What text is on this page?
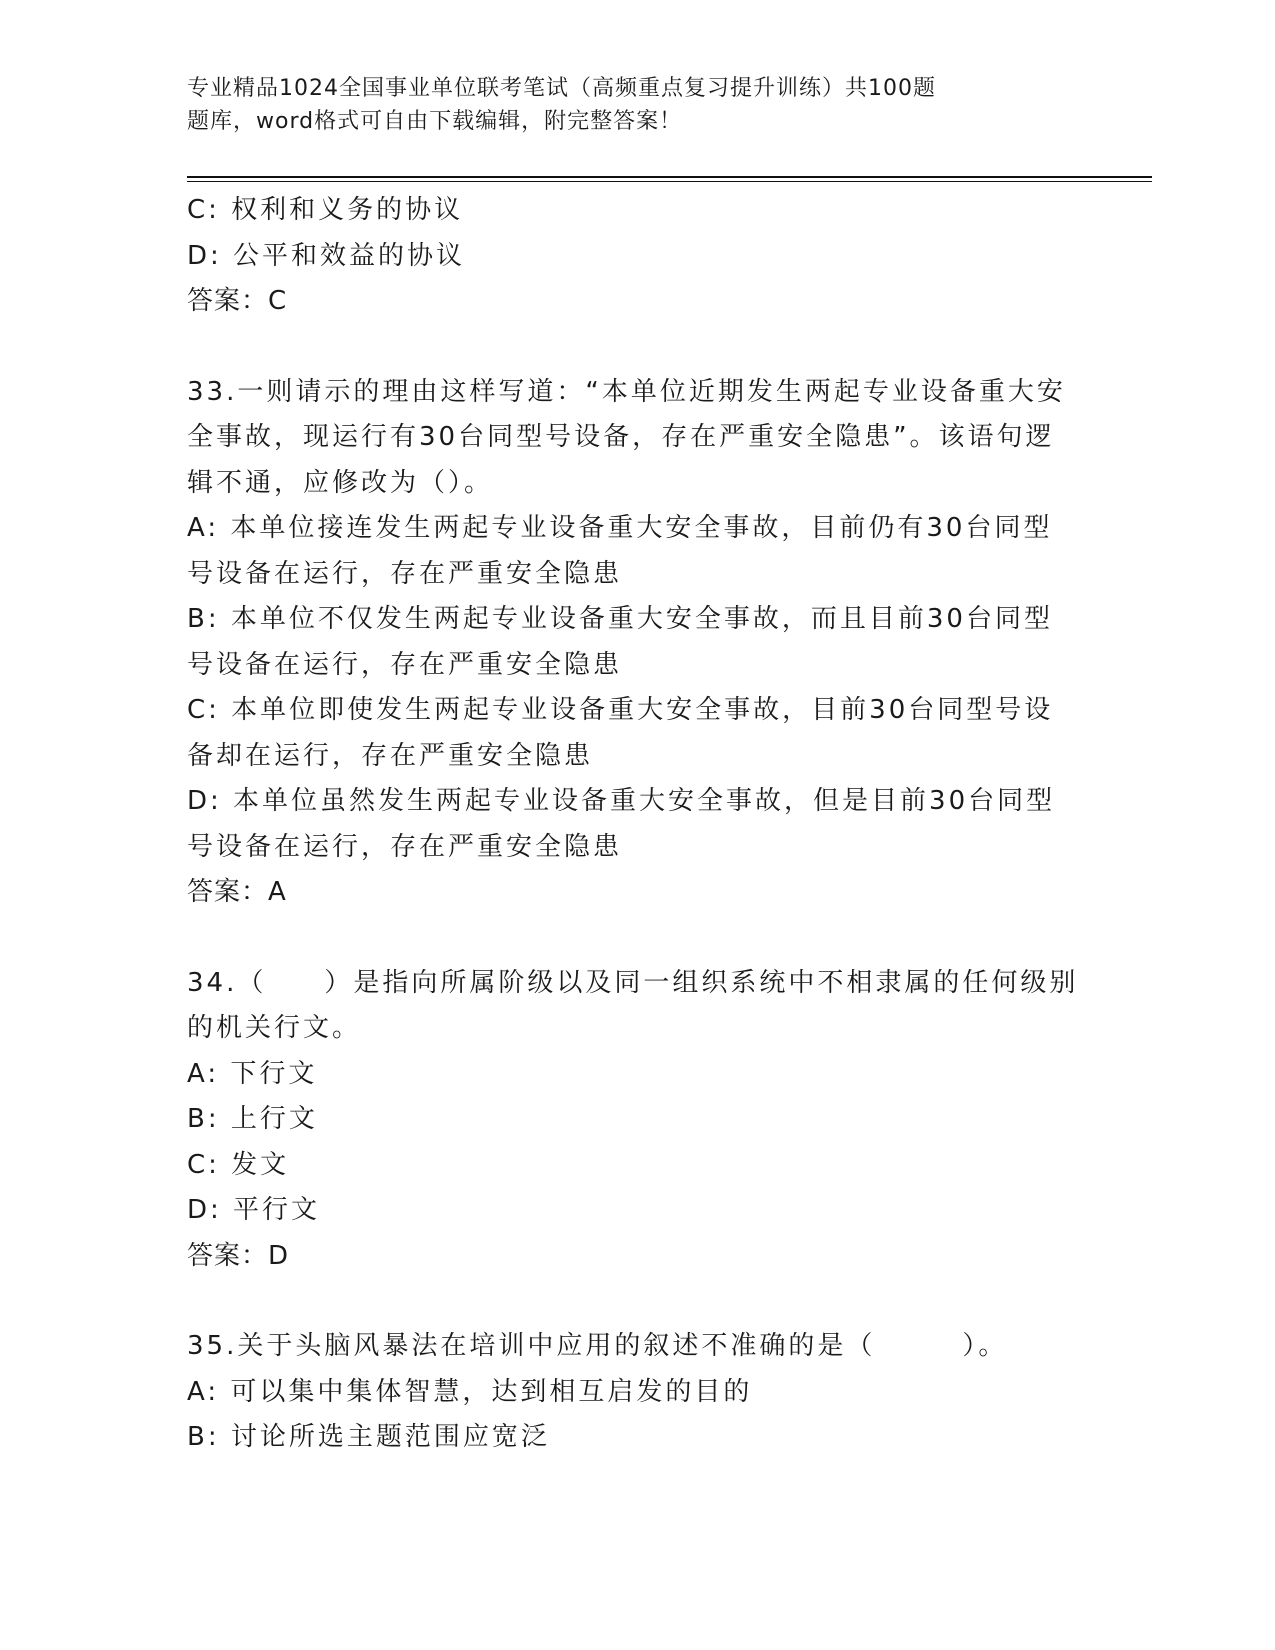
专业精品1024全国事业单位联考笔试（高频重点复习提升训练）共100题
题库，word格式可自由下载编辑，附完整答案！
C: 权利和义务的协议
D: 公平和效益的协议
答案：C
33.一则请示的理由这样写道：“本单位近期发生两起专业设备重大安
全事故，现运行有30台同型号设备，存在严重安全隐患”。该语句逻
辑不通，应修改为（）。
A: 本单位接连发生两起专业设备重大安全事故，目前仍有30台同型
号设备在运行，存在严重安全隐患
B: 本单位不仅发生两起专业设备重大安全事故，而且目前30台同型
号设备在运行，存在严重安全隐患
C: 本单位即使发生两起专业设备重大安全事故，目前30台同型号设
备却在运行，存在严重安全隐患
D: 本单位虽然发生两起专业设备重大安全事故，但是目前30台同型
号设备在运行，存在严重安全隐患
答案：A
34.（　　）是指向所属阶级以及同一组织系统中不相隶属的任何级别
的机关行文。
A: 下行文
B: 上行文
C: 发文
D: 平行文
答案：D
35.关于头脑风暴法在培训中应用的叙述不准确的是（　　　）。
A: 可以集中集体智慧，达到相互启发的目的
B: 讨论所选主题范围应宽泛
